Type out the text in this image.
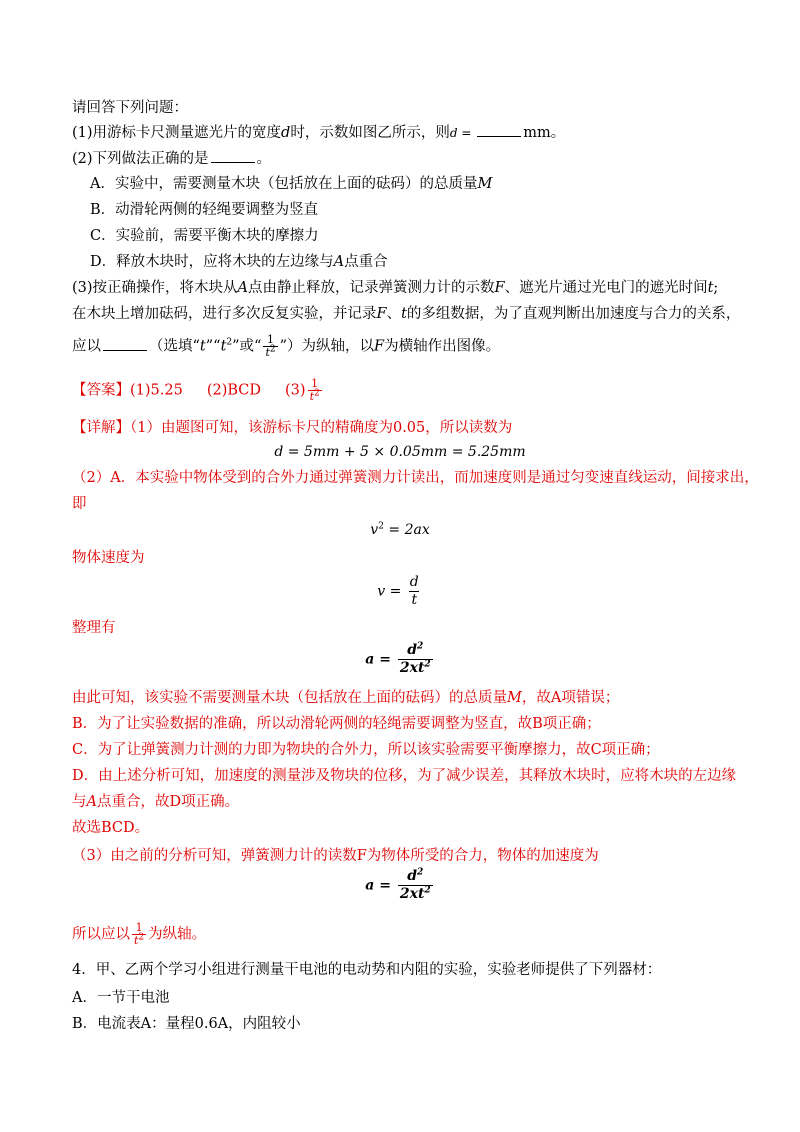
请回答下列问题：
(1)用游标卡尺测量遮光片的宽度d时，示数如图乙所示，则d =	mm。
(2)下列做法正确的是	。
A．实验中，需要测量木块（包括放在上面的砝码）的总质量M
B．动滑轮两侧的轻绳要调整为竖直
C．实验前，需要平衡木块的摩擦力
D．释放木块时，应将木块的左边缘与A点重合
(3)按正确操作，将木块从A点由静止释放，记录弹簧测力计的示数F、遮光片通过光电门的遮光时间t;
在木块上增加砝码，进行多次反复实验，并记录F、t的多组数据，为了直观判断出加速度与合力的关系，
应以	（选填“$t”“t^2$”或“ $\frac{1}{t^2}$ ”）为纵轴，以F为横轴作出图像。
【答案】(1)5.25 (2)BCD $(3) \frac{1}{t^2}$
【详解】（1）由题图可知，该游标卡尺的精确度为0.05，所以读数为
d = 5mm + 5 × 0.05mm = 5.25mm
（2）A．本实验中物体受到的合外力通过弹簧测力计读出，而加速度则是通过匀变速直线运动，间接求出，
即
$v^2 = 2ax$
物体速度为
$v = \frac{d}{t}$
整理有
$a = \frac{d^2}{2xt^2}$
由此可知，该实验不需要测量木块（包括放在上面的砝码）的总质量M，故A项错误；
B．为了让实验数据的准确，所以动滑轮两侧的轻绳需要调整为竖直，故B项正确；
C．为了让弹簧测力计测的力即为物块的合外力，所以该实验需要平衡摩擦力，故C项正确；
D．由上述分析可知，加速度的测量涉及物块的位移，为了减少误差，其释放木块时，应将木块的左边缘
与A点重合，故D项正确。
故选BCD。
（3）由之前的分析可知，弹簧测力计的读数F为物体所受的合力，物体的加速度为
$a = \frac{d^2}{2xt^2}$
所以应以 $\frac{1}{t^2}$ 为纵轴。
4．甲、乙两个学习小组进行测量干电池的电动势和内阻的实验，实验老师提供了下列器材：
A．一节干电池
B．电流表A：量程0.6A，内阻较小
